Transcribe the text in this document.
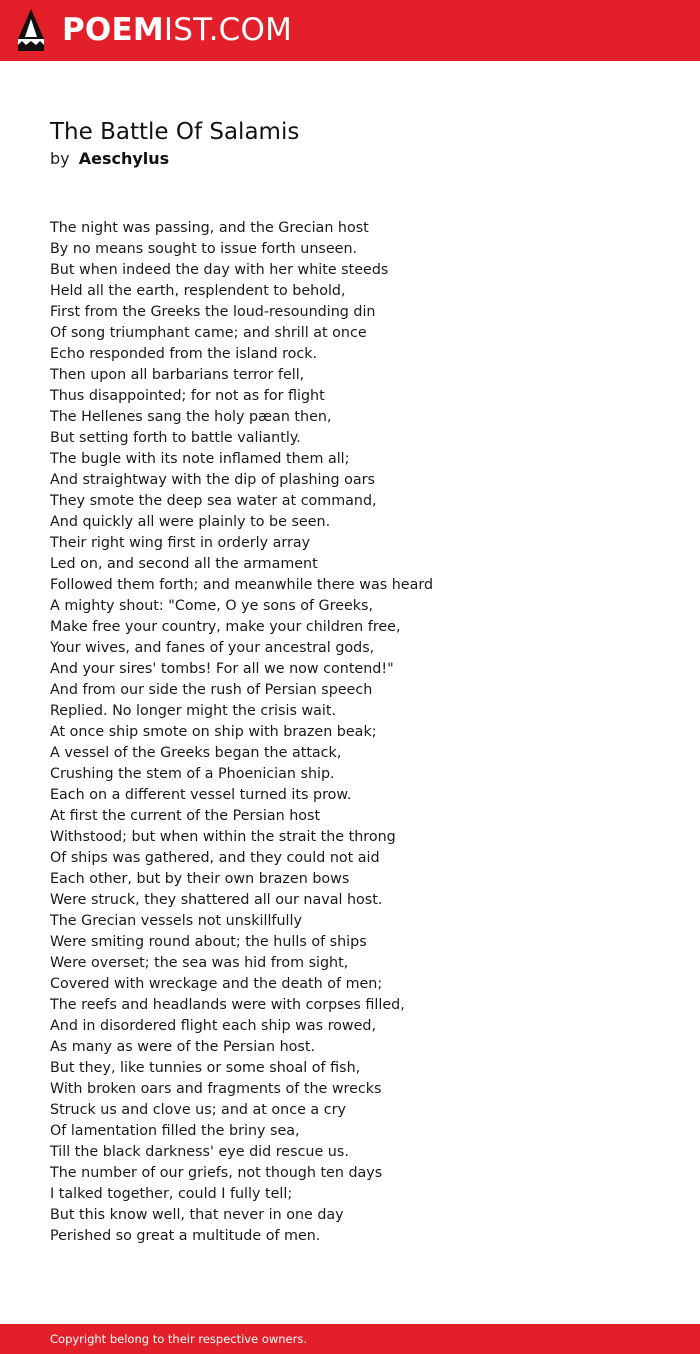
POEMIST.COM
The Battle Of Salamis
by Aeschylus
The night was passing, and the Grecian host
By no means sought to issue forth unseen.
But when indeed the day with her white steeds
Held all the earth, resplendent to behold,
First from the Greeks the loud-resounding din
Of song triumphant came; and shrill at once
Echo responded from the island rock.
Then upon all barbarians terror fell,
Thus disappointed; for not as for flight
The Hellenes sang the holy pæan then,
But setting forth to battle valiantly.
The bugle with its note inflamed them all;
And straightway with the dip of plashing oars
They smote the deep sea water at command,
And quickly all were plainly to be seen.
Their right wing first in orderly array
Led on, and second all the armament
Followed them forth; and meanwhile there was heard
A mighty shout: "Come, O ye sons of Greeks,
Make free your country, make your children free,
Your wives, and fanes of your ancestral gods,
And your sires' tombs! For all we now contend!"
And from our side the rush of Persian speech
Replied. No longer might the crisis wait.
At once ship smote on ship with brazen beak;
A vessel of the Greeks began the attack,
Crushing the stem of a Phoenician ship.
Each on a different vessel turned its prow.
At first the current of the Persian host
Withstood; but when within the strait the throng
Of ships was gathered, and they could not aid
Each other, but by their own brazen bows
Were struck, they shattered all our naval host.
The Grecian vessels not unskillfully
Were smiting round about; the hulls of ships
Were overset; the sea was hid from sight,
Covered with wreckage and the death of men;
The reefs and headlands were with corpses filled,
And in disordered flight each ship was rowed,
As many as were of the Persian host.
But they, like tunnies or some shoal of fish,
With broken oars and fragments of the wrecks
Struck us and clove us; and at once a cry
Of lamentation filled the briny sea,
Till the black darkness' eye did rescue us.
The number of our griefs, not though ten days
I talked together, could I fully tell;
But this know well, that never in one day
Perished so great a multitude of men.
Copyright belong to their respective owners.
